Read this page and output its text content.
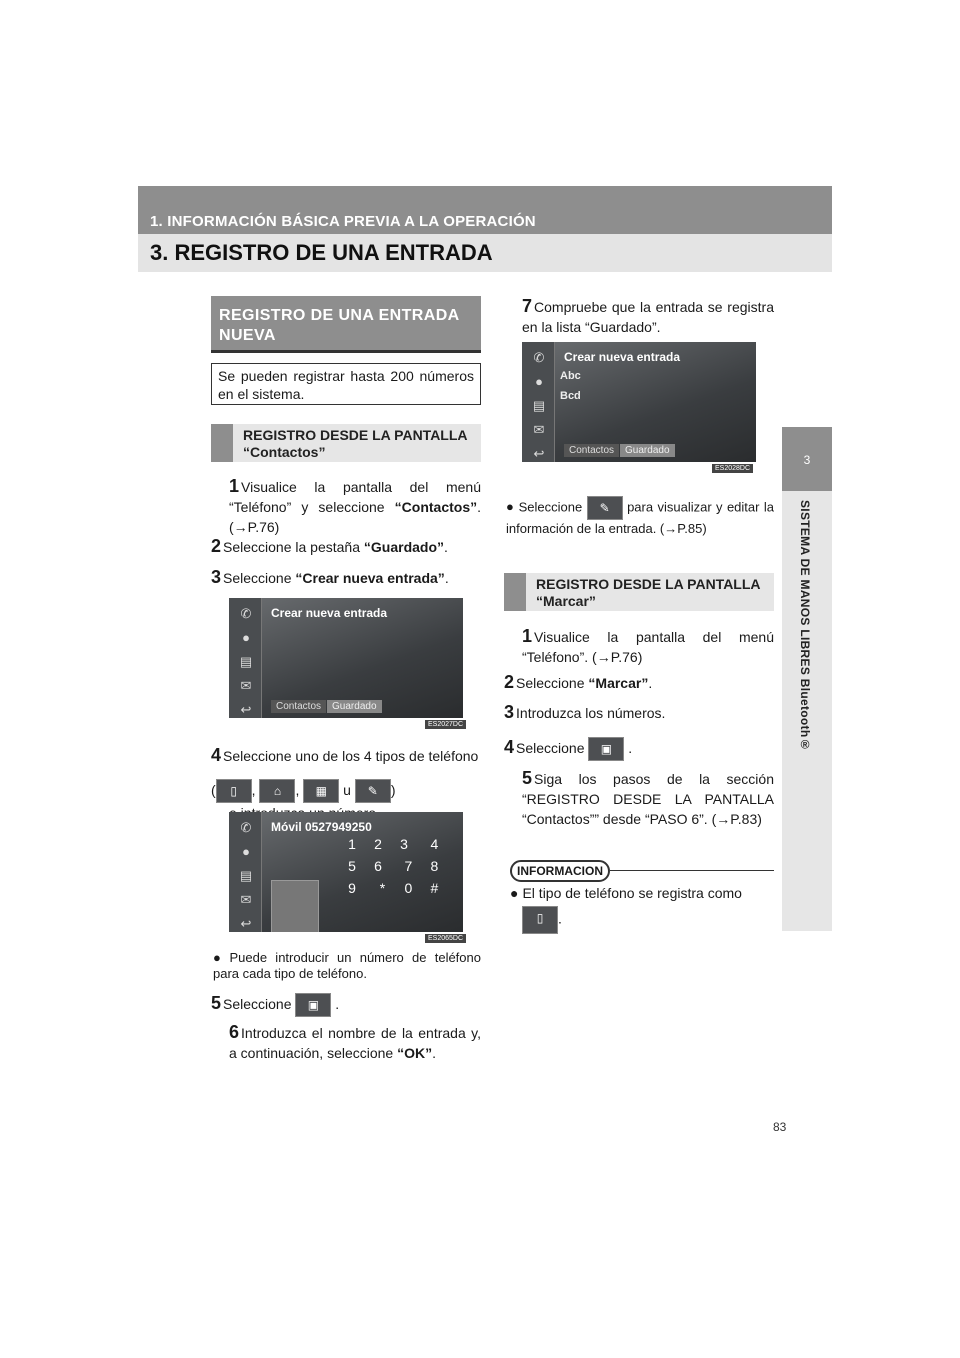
1. INFORMACIÓN BÁSICA PREVIA A LA OPERACIÓN
3. REGISTRO DE UNA ENTRADA
3
SISTEMA DE MANOS LIBRES Bluetooth®
REGISTRO DE UNA ENTRADA NUEVA
Se pueden registrar hasta 200 números en el sistema.
REGISTRO DESDE LA PANTALLA “Contactos”
1 Visualice la pantalla del menú “Teléfono” y seleccione “Contactos”. (→P.76)
2 Seleccione la pestaña “Guardado”.
3 Seleccione “Crear nueva entrada”.
✆
●
▤
✉
↩
Crear nueva entrada
Contactos	Guardado
ES2027DC
4 Seleccione uno de los 4 tipos de teléfono ( ▯ , ⌂ , ▦ u ✎ )
✆
●
▤
✉
↩
Móvil 0527949250
1 2 3 45 6 7 89 * 0 #
ES2065DC
● Puede introducir un número de teléfono para cada tipo de teléfono.
5 Seleccione ▣ .
6 Introduzca el nombre de la entrada y, a continuación, seleccione “OK”.
7 Compruebe que la entrada se registra en la lista “Guardado”.
✆
●
▤
✉
↩
Crear nueva entrada
Abc
Bcd
Contactos	Guardado
ES2028DC
● Seleccione ✎ para visualizar y editar la información de la entrada. (→P.85)
REGISTRO DESDE LA PANTALLA “Marcar”
1 Visualice la pantalla del menú “Teléfono”. (→P.76)
2 Seleccione “Marcar”.
3 Introduzca los números.
4 Seleccione ▣ .
5 Siga los pasos de la sección “REGISTRO DESDE LA PANTALLA “Contactos”” desde “PASO 6”. (→P.83)
INFORMACION
● El tipo de teléfono se registra como
▯ .
83
